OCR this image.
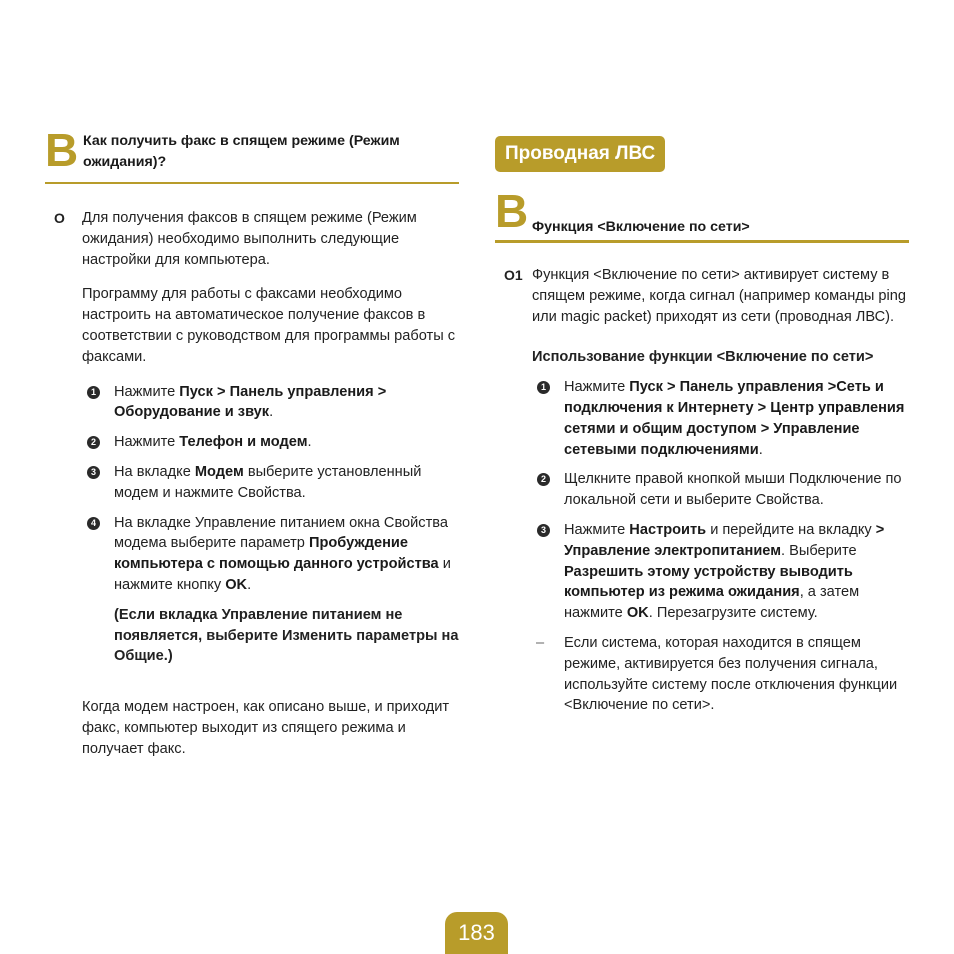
B Как получить факс в спящем режиме (Режим ожидания)?
O Для получения факсов в спящем режиме (Режим ожидания) необходимо выполнить следующие настройки для компьютера.

Программу для работы с факсами необходимо настроить на автоматическое получение факсов в соответствии с руководством для программы работы с факсами.

1 Нажмите Пуск > Панель управления > Оборудование и звук.
2 Нажмите Телефон и модем.
3 На вкладке Модем выберите установленный модем и нажмите Свойства.
4 На вкладке Управление питанием окна Свойства модема выберите параметр Пробуждение компьютера с помощью данного устройства и нажмите кнопку OK.
(Если вкладка Управление питанием не появляется, выберите Изменить параметры на Общие.)

Когда модем настроен, как описано выше, и приходит факс, компьютер выходит из спящего режима и получает факс.

Проводная ЛВС
B Функция <Включение по сети>
O1 Функция <Включение по сети> активирует систему в спящем режиме, когда сигнал (например команды ping или magic packet) приходят из сети (проводная ЛВС).

Использование функции <Включение по сети>
1 Нажмите Пуск > Панель управления >Сеть и подключения к Интернету > Центр управления сетями и общим доступом > Управление сетевыми подключениями.
2 Щелкните правой кнопкой мыши Подключение по локальной сети и выберите Свойства.
3 Нажмите Настроить и перейдите на вкладку > Управление электропитанием. Выберите Разрешить этому устройству выводить компьютер из режима ожидания, а затем нажмите OK. Перезагрузите систему.
– Если система, которая находится в спящем режиме, активируется без получения сигнала, используйте систему после отключения функции <Включение по сети>.
183
